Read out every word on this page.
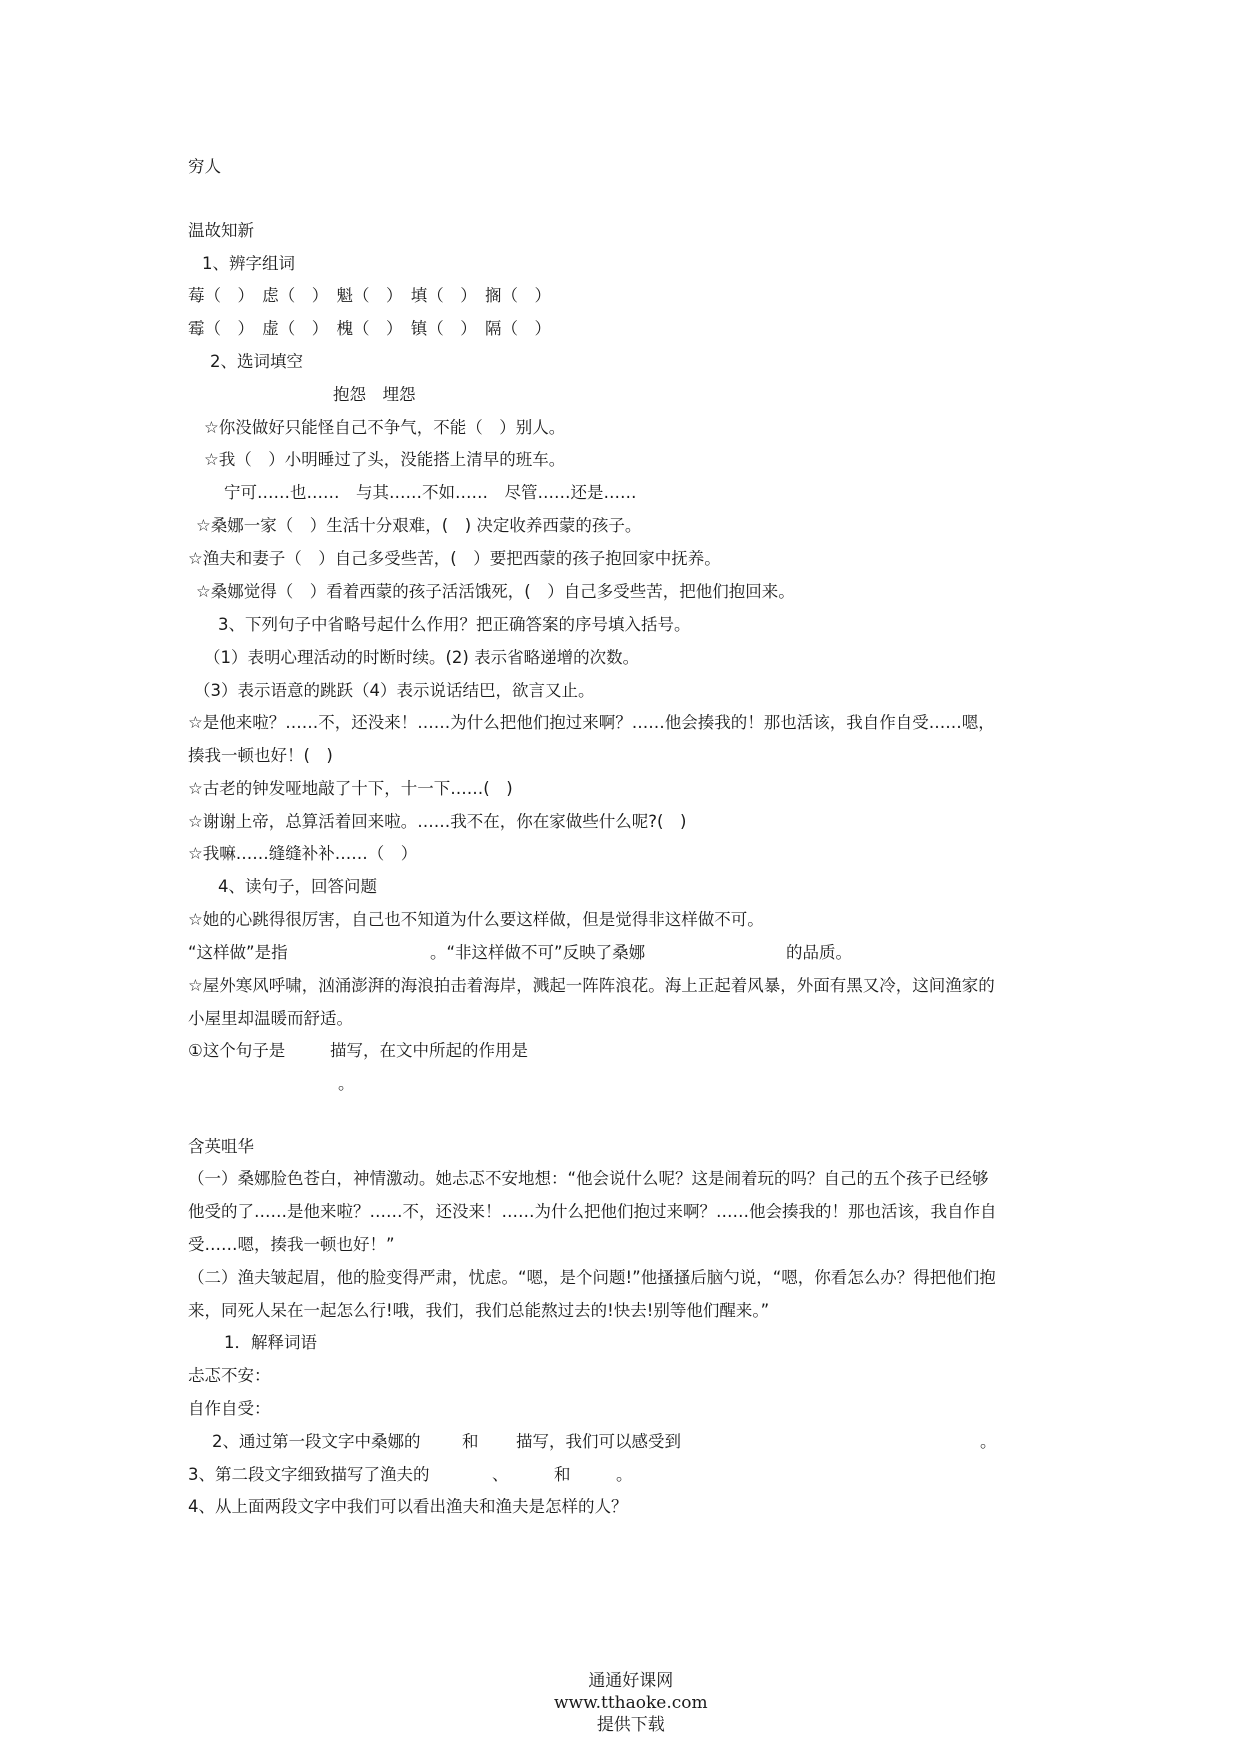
穷人
温故知新
1、辨字组词
莓（　）　虑（　）　魁（　）　填（　）　搁（　）
霉（　）　虚（　）　槐（　）　镇（　）　隔（　）
2、选词填空
抱怨　埋怨
☆你没做好只能怪自己不争气，不能（　）别人。
☆我（　）小明睡过了头，没能搭上清早的班车。
宁可……也……　与其……不如……　尽管……还是……
☆桑娜一家（　）生活十分艰难，(　) 决定收养西蒙的孩子。
☆渔夫和妻子（　）自己多受些苦，(　）要把西蒙的孩子抱回家中抚养。
☆桑娜觉得（　）看着西蒙的孩子活活饿死，(　）自己多受些苦，把他们抱回来。
3、下列句子中省略号起什么作用？把正确答案的序号填入括号。
（1）表明心理活动的时断时续。(2) 表示省略递增的次数。
（3）表示语意的跳跃（4）表示说话结巴，欲言又止。
☆是他来啦？……不，还没来！……为什么把他们抱过来啊？……他会揍我的！那也活该，我自作自受……嗯，
揍我一顿也好！(　)
☆古老的钟发哑地敲了十下，十一下……(　)
☆谢谢上帝，总算活着回来啦。……我不在，你在家做些什么呢?(　)
☆我嘛……缝缝补补……（　）
4、读句子，回答问题
☆她的心跳得很厉害，自己也不知道为什么要这样做，但是觉得非这样做不可。
“这样做”是指	。“非这样做不可”反映了桑娜	的品质。
☆屋外寒风呼啸，汹涌澎湃的海浪拍击着海岸，溅起一阵阵浪花。海上正起着风暴，外面有黑又冷，这间渔家的
小屋里却温暖而舒适。
①这个句子是	描写，在文中所起的作用是
。
含英咀华
（一）桑娜脸色苍白，神情激动。她忐忑不安地想：“他会说什么呢？这是闹着玩的吗？自己的五个孩子已经够
他受的了……是他来啦？……不，还没来！……为什么把他们抱过来啊？……他会揍我的！那也活该，我自作自
受……嗯，揍我一顿也好！”
（二）渔夫皱起眉，他的脸变得严肃，忧虑。“嗯，是个问题!”他搔搔后脑勺说，“嗯，你看怎么办？得把他们抱
来，同死人呆在一起怎么行!哦，我们，我们总能熬过去的!快去!别等他们醒来。”
1．解释词语
忐忑不安：
自作自受：
2、通过第一段文字中桑娜的	和 描写，我们可以感受到	。
3、第二段文字细致描写了渔夫的	、	和	。
4、从上面两段文字中我们可以看出渔夫和渔夫是怎样的人？

通通好课网
www.tthaoke.com
提供下载
